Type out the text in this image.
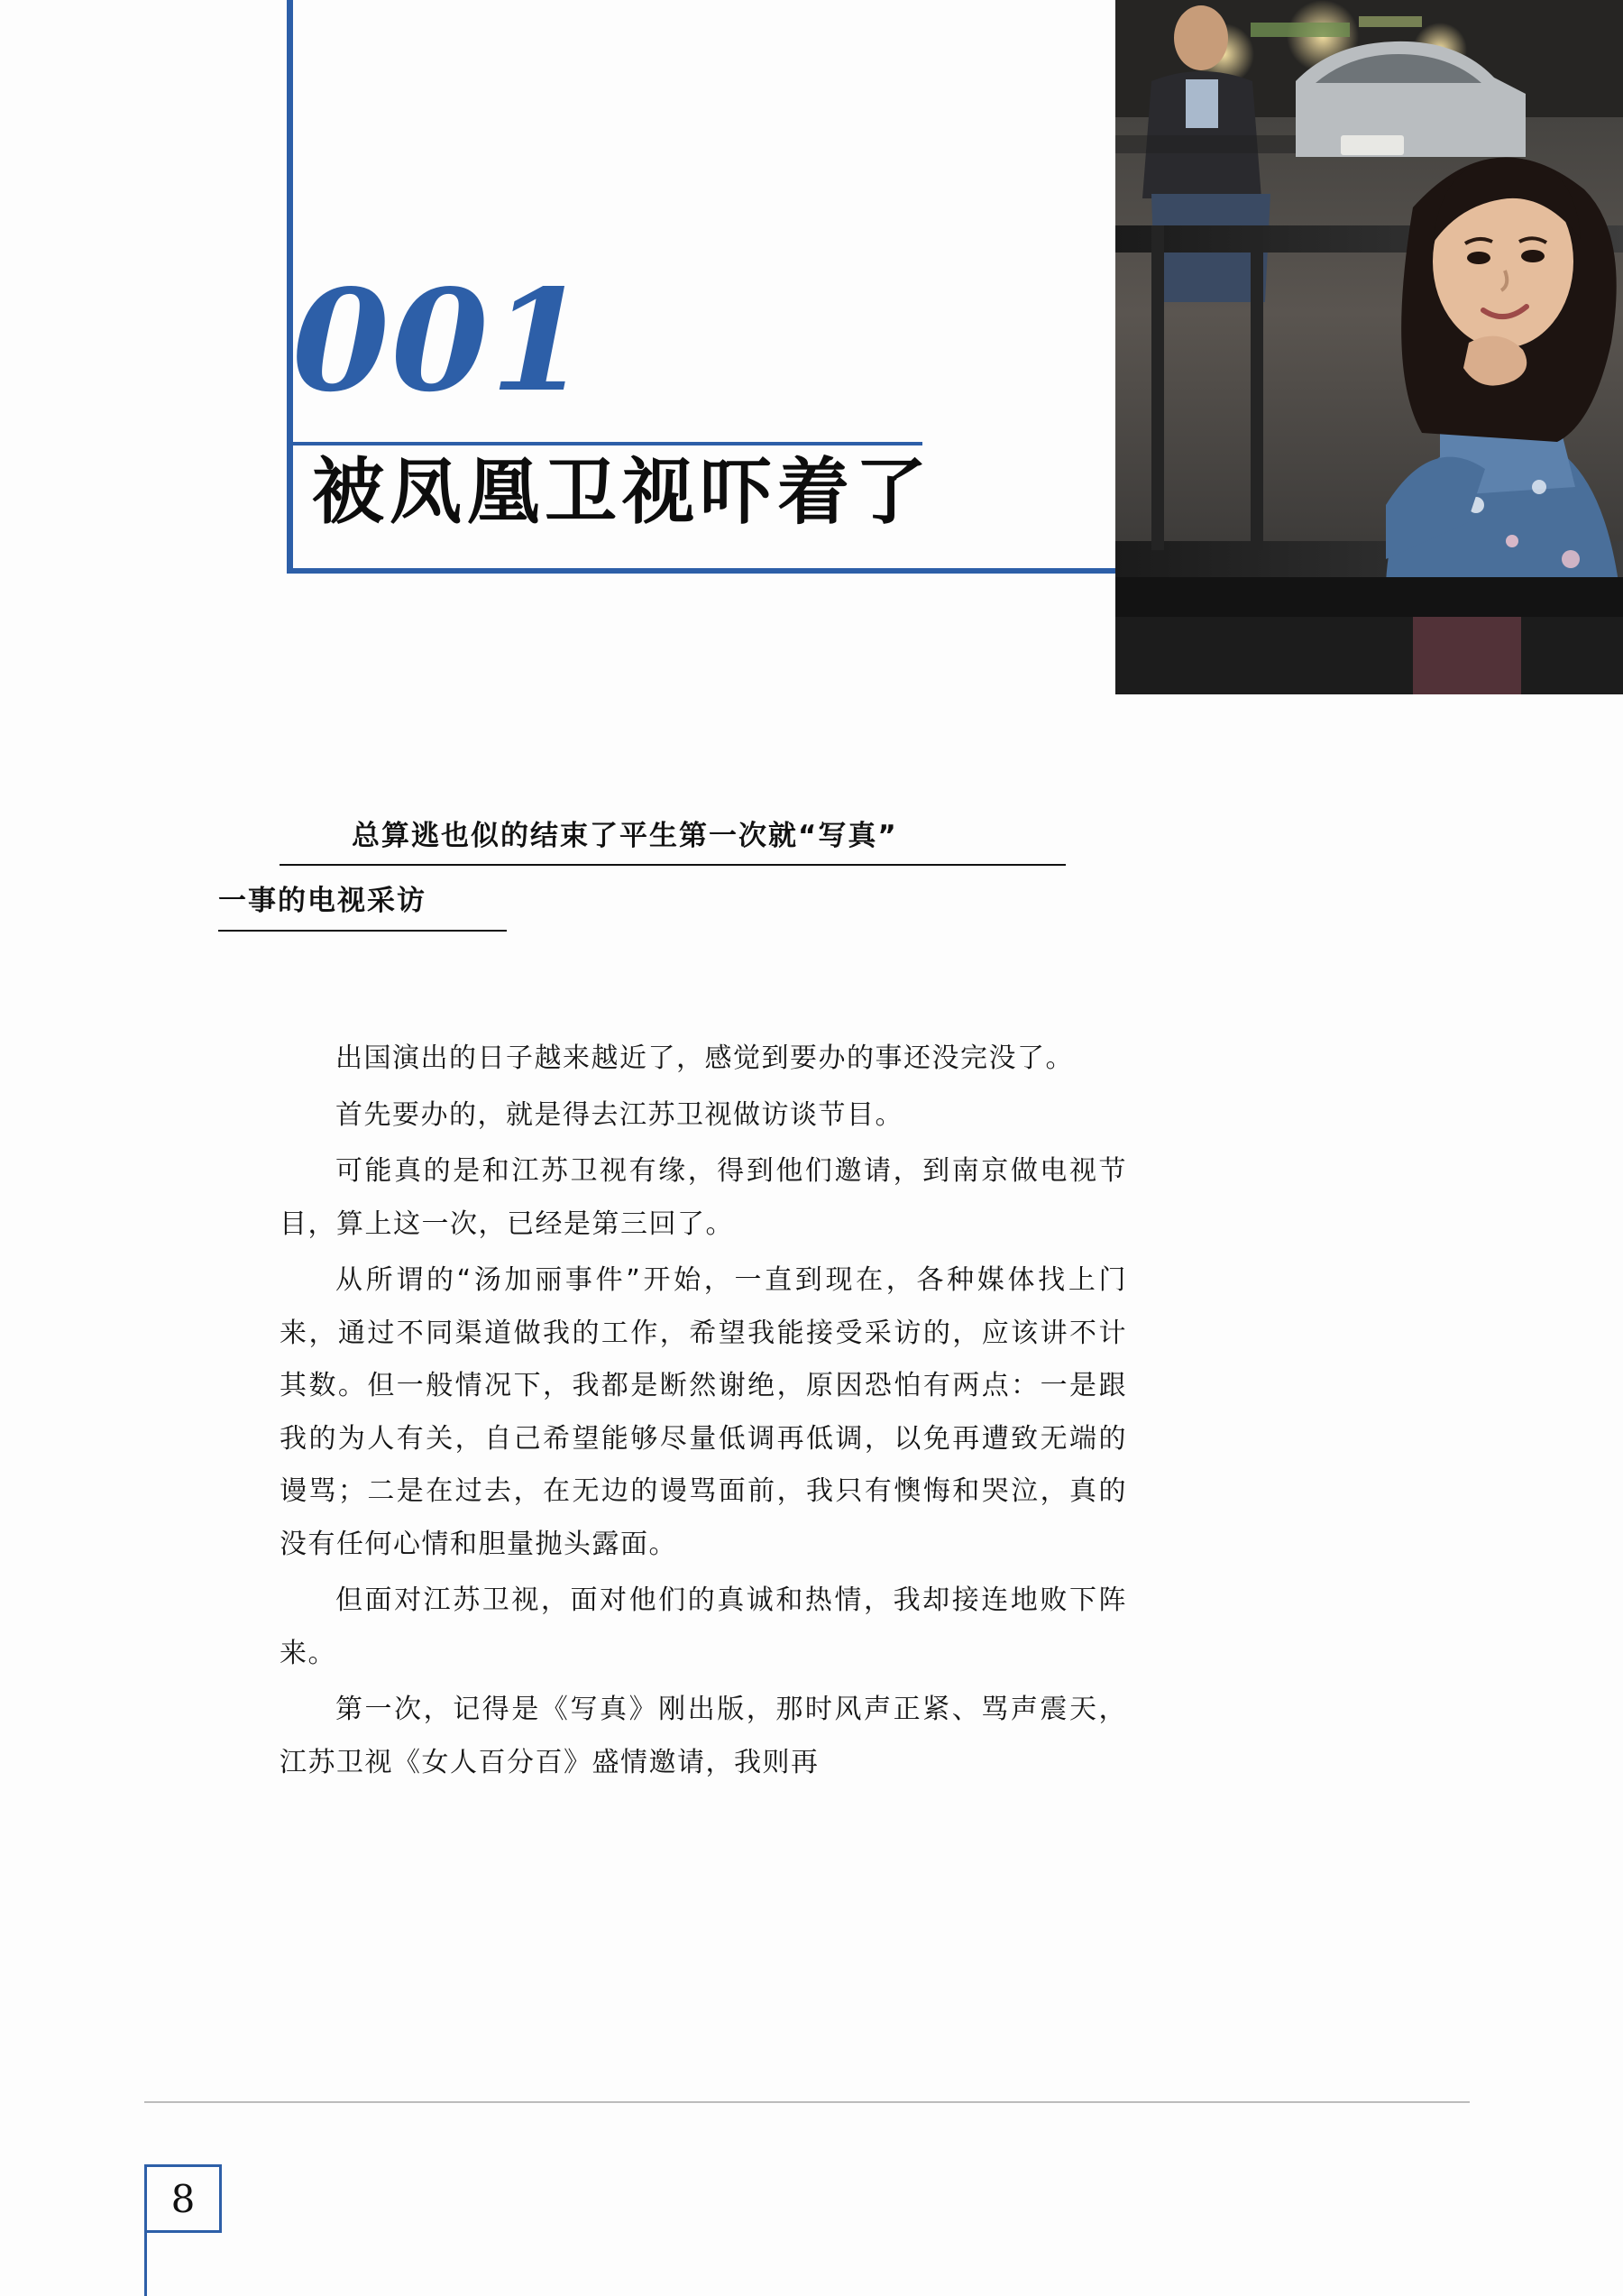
001
被凤凰卫视吓着了
总算逃也似的结束了平生第一次就“写真”
一事的电视采访

出国演出的日子越来越近了，感觉到要办的事还没完没了。

首先要办的，就是得去江苏卫视做访谈节目。

可能真的是和江苏卫视有缘，得到他们邀请，到南京做电视节目，算上这一次，已经是第三回了。

从所谓的“汤加丽事件”开始，一直到现在，各种媒体找上门来，通过不同渠道做我的工作，希望我能接受采访的，应该讲不计其数。但一般情况下，我都是断然谢绝，原因恐怕有两点：一是跟我的为人有关，自己希望能够尽量低调再低调，以免再遭致无端的谩骂；二是在过去，在无边的谩骂面前，我只有懊悔和哭泣，真的没有任何心情和胆量抛头露面。

但面对江苏卫视，面对他们的真诚和热情，我却接连地败下阵来。

第一次，记得是《写真》刚出版，那时风声正紧、骂声震天，江苏卫视《女人百分百》盛情邀请，我则再

8
